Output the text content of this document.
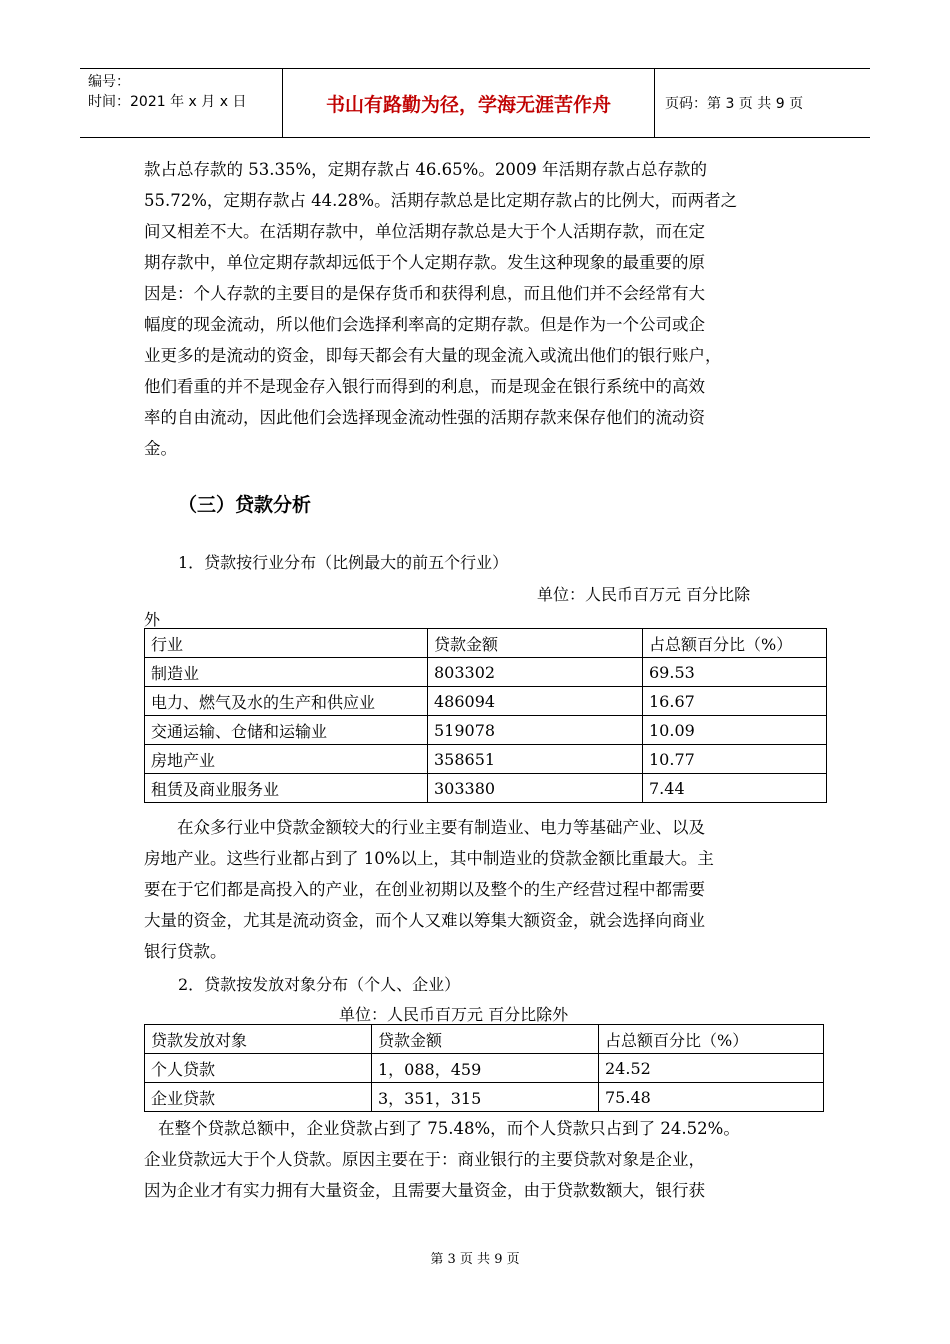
编号：
时间：2021 年 x 月 x 日	书山有路勤为径，学海无涯苦作舟	页码：第 3 页 共 9 页
款占总存款的 53.35%，定期存款占 46.65%。2009 年活期存款占总存款的
55.72%，定期存款占 44.28%。活期存款总是比定期存款占的比例大，而两者之
间又相差不大。在活期存款中，单位活期存款总是大于个人活期存款，而在定
期存款中，单位定期存款却远低于个人定期存款。发生这种现象的最重要的原
因是：个人存款的主要目的是保存货币和获得利息，而且他们并不会经常有大
幅度的现金流动，所以他们会选择利率高的定期存款。但是作为一个公司或企
业更多的是流动的资金，即每天都会有大量的现金流入或流出他们的银行账户，
他们看重的并不是现金存入银行而得到的利息，而是现金在银行系统中的高效
率的自由流动，因此他们会选择现金流动性强的活期存款来保存他们的流动资
金。
（三）贷款分析
1．贷款按行业分布（比例最大的前五个行业）
单位：人民币百万元 百分比除
外
行业	贷款金额	占总额百分比（%）
制造业	803302	69.53
电力、燃气及水的生产和供应业	486094	16.67
交通运输、仓储和运输业	519078	10.09
房地产业	358651	10.77
租赁及商业服务业	303380	7.44
在众多行业中贷款金额较大的行业主要有制造业、电力等基础产业、以及
房地产业。这些行业都占到了 10%以上，其中制造业的贷款金额比重最大。主
要在于它们都是高投入的产业，在创业初期以及整个的生产经营过程中都需要
大量的资金，尤其是流动资金，而个人又难以筹集大额资金，就会选择向商业
银行贷款。
2．贷款按发放对象分布（个人、企业）
单位：人民币百万元 百分比除外
贷款发放对象	贷款金额	占总额百分比（%）
个人贷款	1，088，459	24.52
企业贷款	3，351，315	75.48
在整个贷款总额中，企业贷款占到了 75.48%，而个人贷款只占到了 24.52%。
企业贷款远大于个人贷款。原因主要在于：商业银行的主要贷款对象是企业，
因为企业才有实力拥有大量资金，且需要大量资金，由于贷款数额大，银行获
第 3 页 共 9 页
